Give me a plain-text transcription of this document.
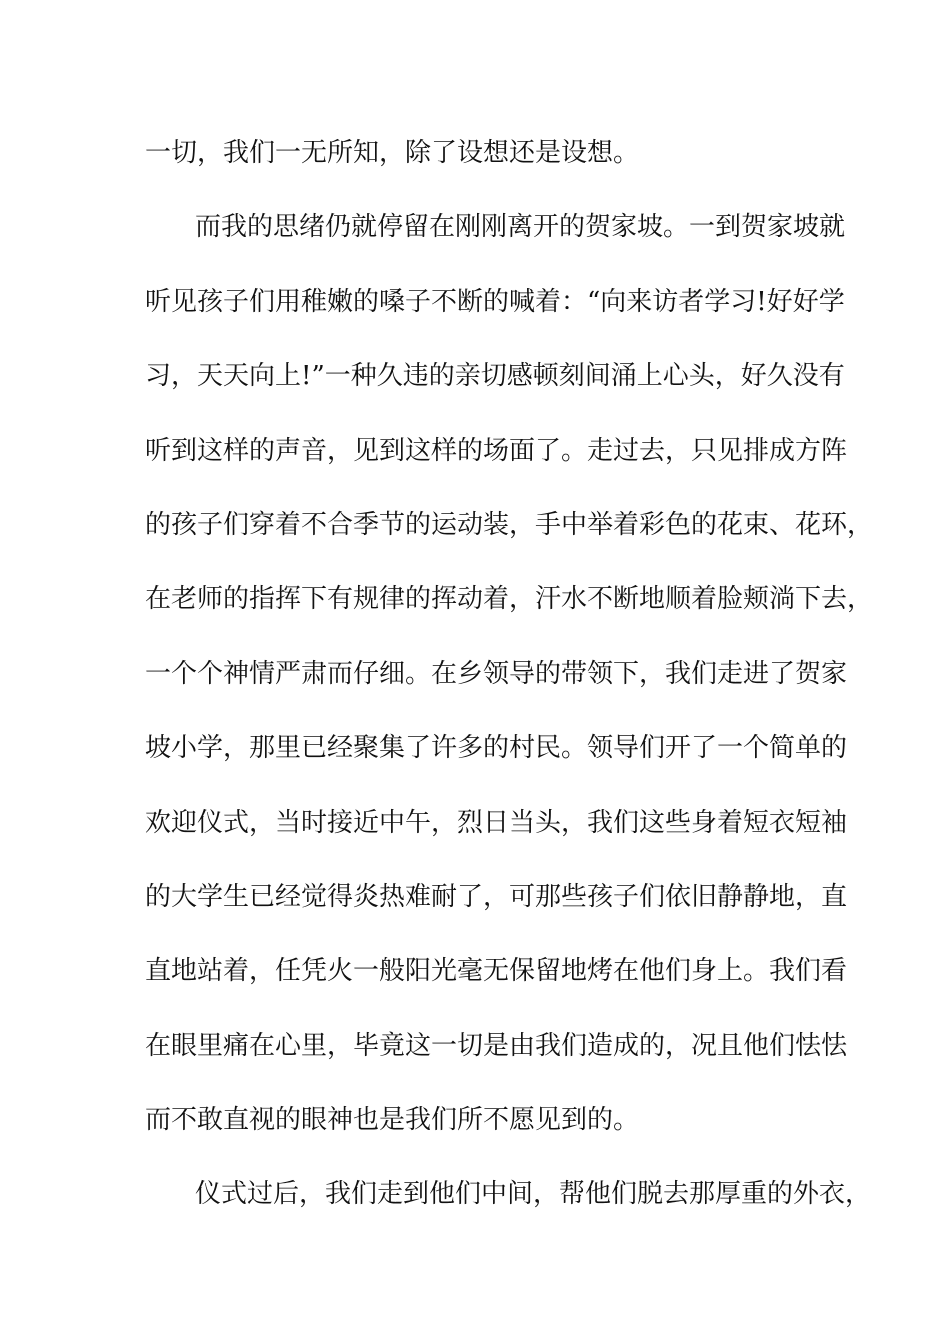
一切，我们一无所知，除了设想还是设想。
而我的思绪仍就停留在刚刚离开的贺家坡。一到贺家坡就
听见孩子们用稚嫩的嗓子不断的喊着：“向来访者学习!好好学
习，天天向上!”一种久违的亲切感顿刻间涌上心头，好久没有
听到这样的声音，见到这样的场面了。走过去，只见排成方阵
的孩子们穿着不合季节的运动装，手中举着彩色的花束、花环，
在老师的指挥下有规律的挥动着，汗水不断地顺着脸颊淌下去，
一个个神情严肃而仔细。在乡领导的带领下，我们走进了贺家
坡小学，那里已经聚集了许多的村民。领导们开了一个简单的
欢迎仪式，当时接近中午，烈日当头，我们这些身着短衣短袖
的大学生已经觉得炎热难耐了，可那些孩子们依旧静静地，直
直地站着，任凭火一般阳光毫无保留地烤在他们身上。我们看
在眼里痛在心里，毕竟这一切是由我们造成的，况且他们怯怯
而不敢直视的眼神也是我们所不愿见到的。
仪式过后，我们走到他们中间，帮他们脱去那厚重的外衣，
